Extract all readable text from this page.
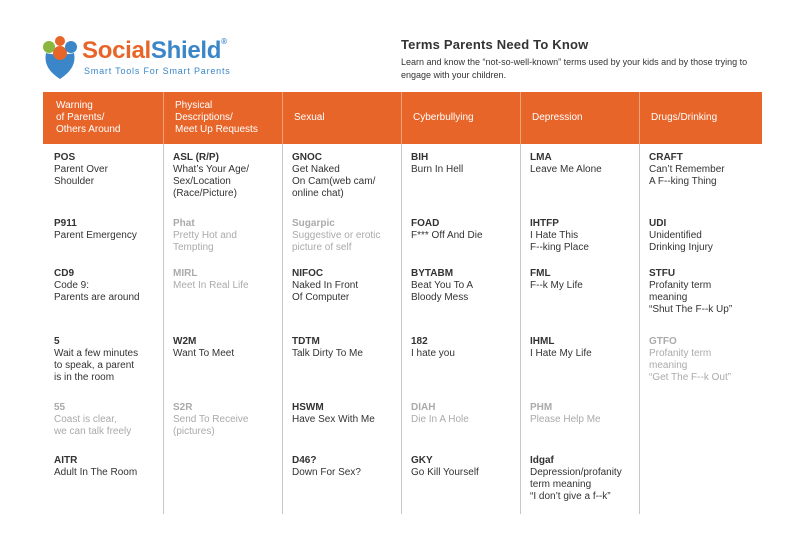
SocialShield®
Smart Tools For Smart Parents
Terms Parents Need To Know
Learn and know the “not-so-well-known” terms used by your kids and by those trying to engage with your children.
Warning
of Parents/
Others Around
POS
Parent Over
Shoulder
P911
Parent Emergency
CD9
Code 9:
Parents are around
5
Wait a few minutes
to speak, a parent
is in the room
55
Coast is clear,
we can talk freely
AITR
Adult In The Room
Physical
Descriptions/
Meet Up Requests
ASL (R/P)
What’s Your Age/
Sex/Location
(Race/Picture)
Phat
Pretty Hot and
Tempting
MIRL
Meet In Real Life
W2M
Want To Meet
S2R
Send To Receive
(pictures)
Sexual
GNOC
Get Naked
On Cam(web cam/
online chat)
Sugarpic
Suggestive or erotic
picture of self
NIFOC
Naked In Front
Of Computer
TDTM
Talk Dirty To Me
HSWM
Have Sex With Me
D46?
Down For Sex?
Cyberbullying
BIH
Burn In Hell
FOAD
F*** Off And Die
BYTABM
Beat You To A
Bloody Mess
182
I hate you
DIAH
Die In A Hole
GKY
Go Kill Yourself
Depression
LMA
Leave Me Alone
IHTFP
I Hate This
F--king Place
FML
F--k My Life
IHML
I Hate My Life
PHM
Please Help Me
Idgaf
Depression/profanity
term meaning
“I don’t give a f--k”
Drugs/Drinking
CRAFT
Can’t Remember
A F--king Thing
UDI
Unidentified
Drinking Injury
STFU
Profanity term
meaning
“Shut The F--k Up”
GTFO
Profanity term
meaning
“Get The F--k Out”
